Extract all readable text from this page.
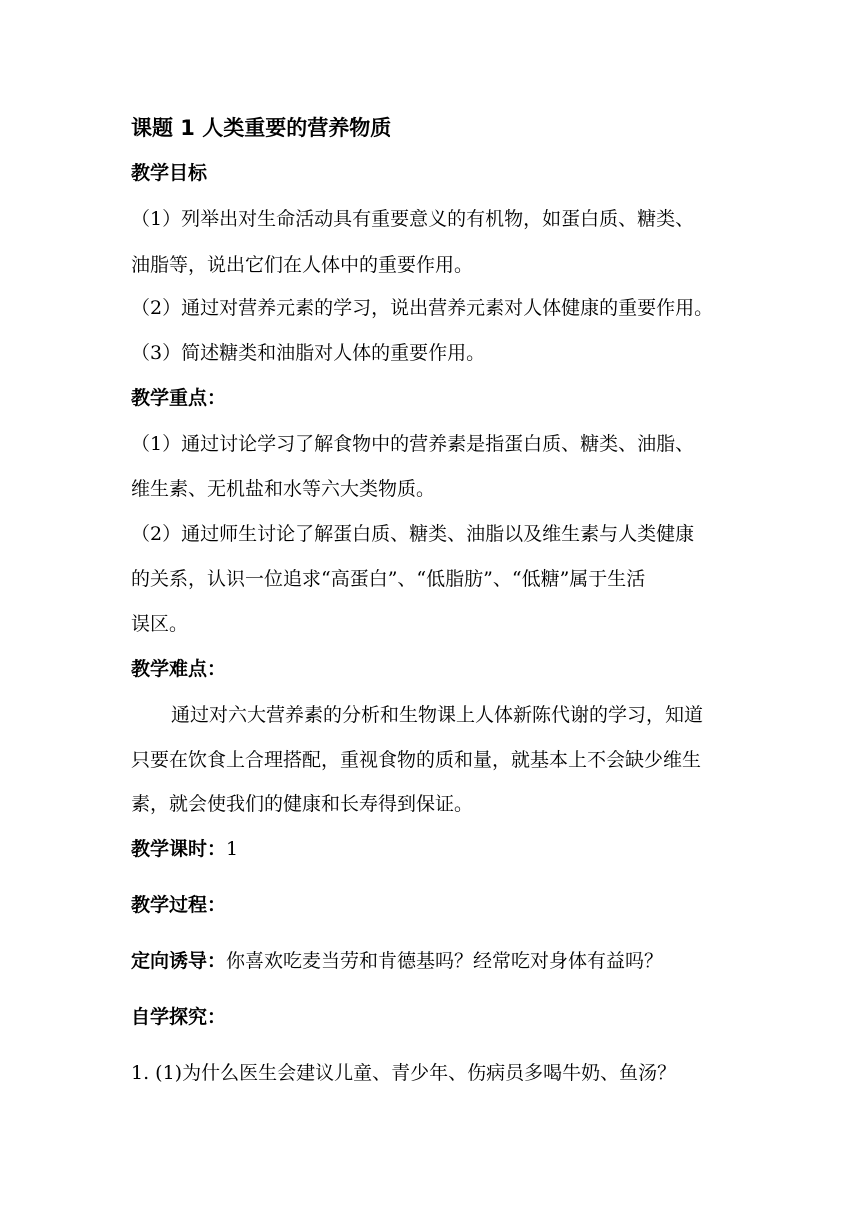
课题 1 人类重要的营养物质
教学目标
（1）列举出对生命活动具有重要意义的有机物，如蛋白质、糖类、
油脂等，说出它们在人体中的重要作用。
（2）通过对营养元素的学习，说出营养元素对人体健康的重要作用。
（3）简述糖类和油脂对人体的重要作用。
教学重点：
（1）通过讨论学习了解食物中的营养素是指蛋白质、糖类、油脂、
维生素、无机盐和水等六大类物质。
（2）通过师生讨论了解蛋白质、糖类、油脂以及维生素与人类健康
的关系，认识一位追求“高蛋白”、“低脂肪”、“低糖”属于生活
误区。
教学难点：
通过对六大营养素的分析和生物课上人体新陈代谢的学习，知道
只要在饮食上合理搭配，重视食物的质和量，就基本上不会缺少维生
素，就会使我们的健康和长寿得到保证。
教学课时：1
教学过程：
定向诱导：你喜欢吃麦当劳和肯德基吗？经常吃对身体有益吗？
自学探究：
1. (1)为什么医生会建议儿童、青少年、伤病员多喝牛奶、鱼汤？
